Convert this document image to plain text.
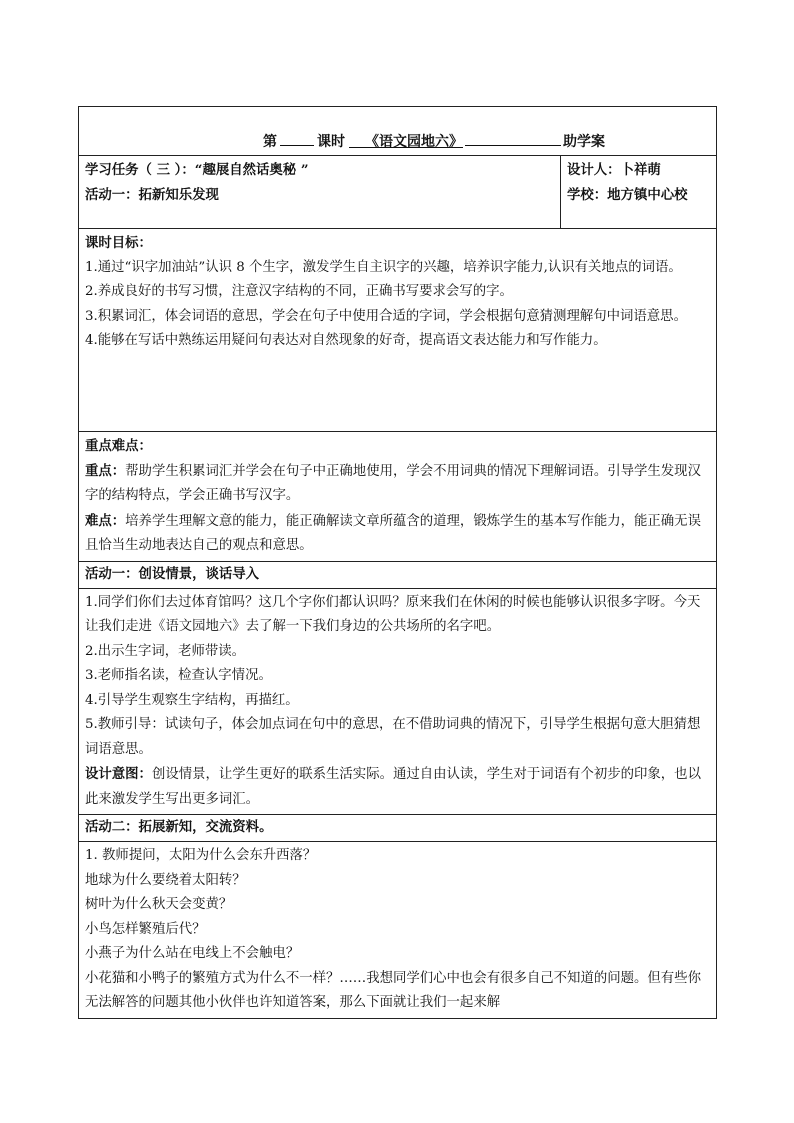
第	课时 《语文园地六》	助学案

学习任务（ 三 ）：“趣展自然话奥秘 ”
活动一：拓新知乐发现

设计人：卜祥萌
学校：地方镇中心校

课时目标：

1.通过“识字加油站”认识 8 个生字，激发学生自主识字的兴趣，培养识字能力,认识有关地点的词语。

2.养成良好的书写习惯，注意汉字结构的不同，正确书写要求会写的字。

3.积累词汇，体会词语的意思，学会在句子中使用合适的字词，学会根据句意猜测理解句中词语意思。

4.能够在写话中熟练运用疑问句表达对自然现象的好奇，提高语文表达能力和写作能力。

重点难点：

重点：帮助学生积累词汇并学会在句子中正确地使用，学会不用词典的情况下理解词语。引导学生发现汉字的结构特点，学会正确书写汉字。

难点：培养学生理解文意的能力，能正确解读文章所蕴含的道理，锻炼学生的基本写作能力，能正确无误且恰当生动地表达自己的观点和意思。

活动一：创设情景，谈话导入

1.同学们你们去过体育馆吗？这几个字你们都认识吗？原来我们在休闲的时候也能够认识很多字呀。今天让我们走进《语文园地六》去了解一下我们身边的公共场所的名字吧。

2.出示生字词，老师带读。

3.老师指名读，检查认字情况。

4.引导学生观察生字结构，再描红。

5.教师引导：试读句子，体会加点词在句中的意思，在不借助词典的情况下，引导学生根据句意大胆猜想词语意思。

设计意图：创设情景，让学生更好的联系生活实际。通过自由认读，学生对于词语有个初步的印象，也以此来激发学生写出更多词汇。

活动二：拓展新知，交流资料。

1. 教师提问，太阳为什么会东升西落？

地球为什么要绕着太阳转？

树叶为什么秋天会变黄？

小鸟怎样繁殖后代？

小燕子为什么站在电线上不会触电？

小花猫和小鸭子的繁殖方式为什么不一样？……我想同学们心中也会有很多自己不知道的问题。但有些你无法解答的问题其他小伙伴也许知道答案，那么下面就让我们一起来解
